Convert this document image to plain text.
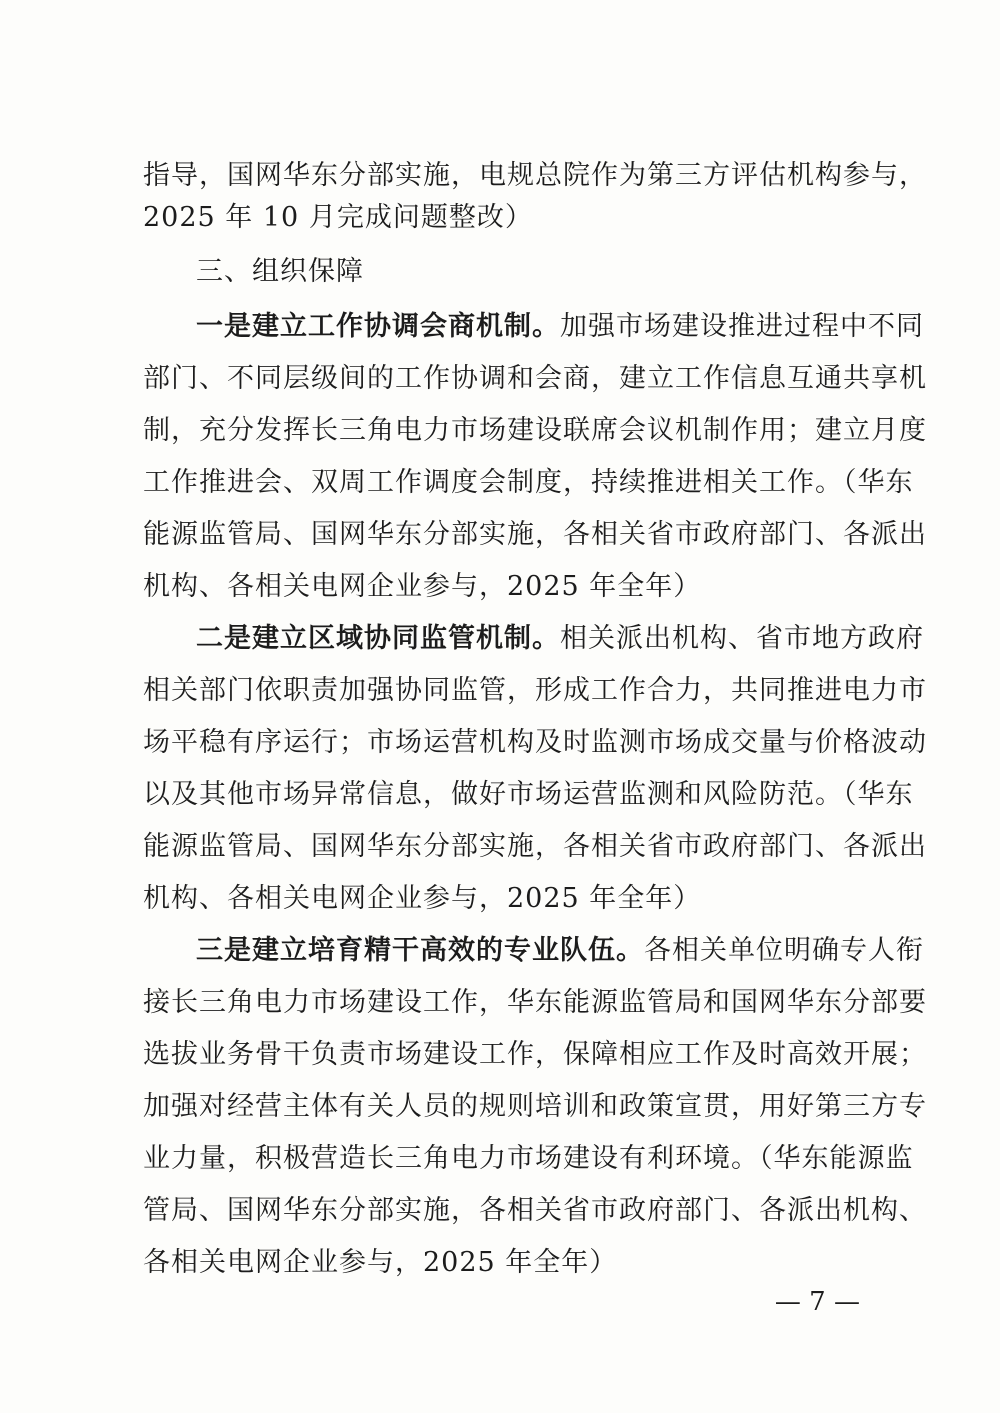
指导，国网华东分部实施，电规总院作为第三方评估机构参与，
2025 年 10 月完成问题整改）
三、组织保障
一是建立工作协调会商机制。加强市场建设推进过程中不同
部门、不同层级间的工作协调和会商，建立工作信息互通共享机
制，充分发挥长三角电力市场建设联席会议机制作用；建立月度
工作推进会、双周工作调度会制度，持续推进相关工作。（华东
能源监管局、国网华东分部实施，各相关省市政府部门、各派出
机构、各相关电网企业参与，2025 年全年）
二是建立区域协同监管机制。相关派出机构、省市地方政府
相关部门依职责加强协同监管，形成工作合力，共同推进电力市
场平稳有序运行；市场运营机构及时监测市场成交量与价格波动
以及其他市场异常信息，做好市场运营监测和风险防范。（华东
能源监管局、国网华东分部实施，各相关省市政府部门、各派出
机构、各相关电网企业参与，2025 年全年）
三是建立培育精干高效的专业队伍。各相关单位明确专人衔
接长三角电力市场建设工作，华东能源监管局和国网华东分部要
选拔业务骨干负责市场建设工作，保障相应工作及时高效开展；
加强对经营主体有关人员的规则培训和政策宣贯，用好第三方专
业力量，积极营造长三角电力市场建设有利环境。（华东能源监
管局、国网华东分部实施，各相关省市政府部门、各派出机构、
各相关电网企业参与，2025 年全年）
— 7 —
